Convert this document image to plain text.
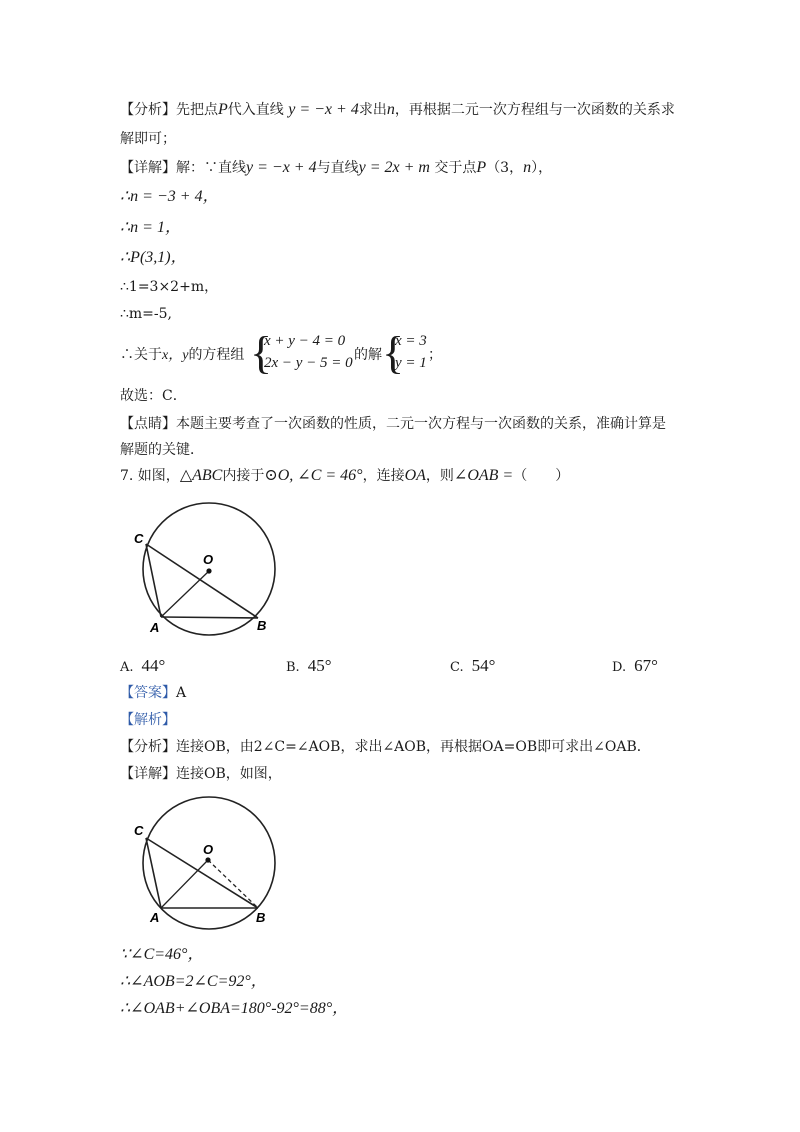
【分析】先把点P代入直线 y = −x + 4求出n，再根据二元一次方程组与一次函数的关系求
解即可；
【详解】解：∵直线y = −x + 4与直线y = 2x + m 交于点P（3，n），
∴n = −3 + 4，
∴n = 1，
∴P(3,1)，
∴1=3×2+m，
∴m=-5,
∴关于x，y的方程组 {
x + y − 4 = 0
2x − y − 5 = 0 的解 {
x = 3
y = 1 ；
故选：C．
【点睛】本题主要考查了一次函数的性质，二元一次方程与一次函数的关系，准确计算是
解题的关键．
7. 如图，△ABC内接于⊙O, ∠C = 46°，连接OA，则∠OAB =（　　）
C
O
A	B
A. 44°	B. 45°	C. 54°	D. 67°
【答案】A
【解析】
【分析】连接OB，由2∠C=∠AOB，求出∠AOB，再根据OA=OB即可求出∠OAB．
【详解】连接OB，如图，
C
O
A	B
∵∠C=46°，
∴∠AOB=2∠C=92°，
∴∠OAB+∠OBA=180°-92°=88°，
